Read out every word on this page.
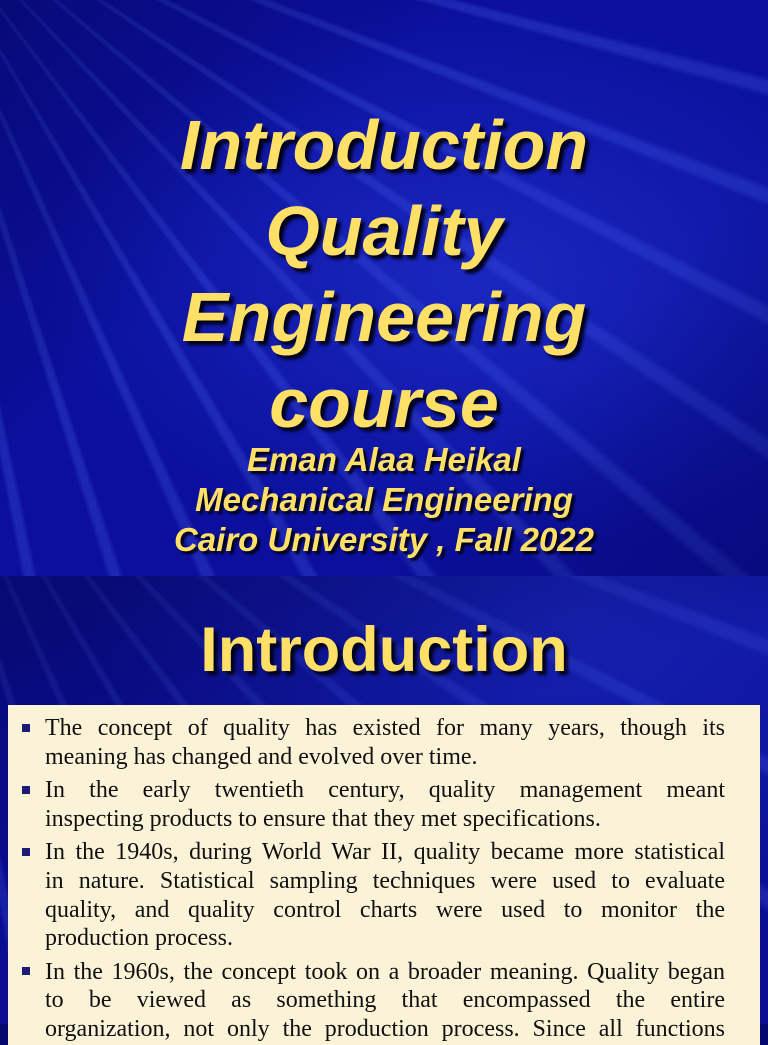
Introduction
Quality
Engineering
course
Eman Alaa Heikal
Mechanical Engineering
Cairo University , Fall 2022
Introduction
The concept of quality has existed for many years, though its
meaning has changed and evolved over time.
In the early twentieth century, quality management meant
inspecting products to ensure that they met specifications.
In the 1940s, during World War II, quality became more statistical
in nature. Statistical sampling techniques were used to evaluate
quality, and quality control charts were used to monitor the
production process.
In the 1960s, the concept took on a broader meaning. Quality began
to be viewed as something that encompassed the entire
organization, not only the production process. Since all functions
